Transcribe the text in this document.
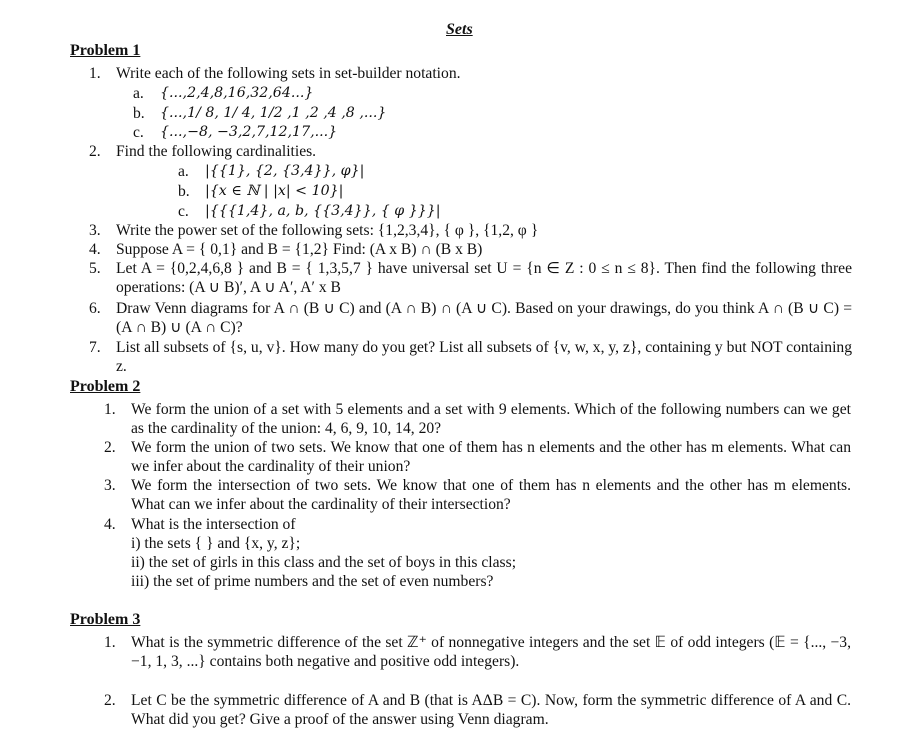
Sets
Problem 1
1. Write each of the following sets in set-builder notation.
a. {...,2,4,8,16,32,64...}
b. {...,1/ 8, 1/ 4, 1/2 ,1 ,2 ,4 ,8 ,...}
c. {...,−8, −3,2,7,12,17,...}
2. Find the following cardinalities.
a. |{{1}, {2, {3,4}}, φ}|
b. |{x ∈ ℕ | |x| < 10}|
c. |{{{1,4}, a, b, {{3,4}}, { φ }}}|
3. Write the power set of the following sets: {1,2,3,4}, { φ }, {1,2, φ }
4. Suppose A = { 0,1} and B = {1,2} Find: (A x B) ∩ (B x B)
5. Let A = {0,2,4,6,8 } and B = { 1,3,5,7 } have universal set U = {n ∈ Z : 0 ≤ n ≤ 8}. Then find the following three operations: (A ∪ B)′, A ∪ A′, A′ x B
6. Draw Venn diagrams for A ∩ (B ∪ C) and (A ∩ B) ∩ (A ∪ C). Based on your drawings, do you think A ∩ (B ∪ C) = (A ∩ B) ∪ (A ∩ C)?
7. List all subsets of {s, u, v}. How many do you get? List all subsets of {v, w, x, y, z}, containing y but NOT containing z.
Problem 2
1. We form the union of a set with 5 elements and a set with 9 elements. Which of the following numbers can we get as the cardinality of the union: 4, 6, 9, 10, 14, 20?
2. We form the union of two sets. We know that one of them has n elements and the other has m elements. What can we infer about the cardinality of their union?
3. We form the intersection of two sets. We know that one of them has n elements and the other has m elements. What can we infer about the cardinality of their intersection?
4. What is the intersection of
i) the sets { } and {x, y, z};
ii) the set of girls in this class and the set of boys in this class;
iii) the set of prime numbers and the set of even numbers?
Problem 3
1. What is the symmetric difference of the set ℤ⁺ of nonnegative integers and the set 𝔼 of odd integers (𝔼 = {..., −3, −1, 1, 3, ...} contains both negative and positive odd integers).
2. Let C be the symmetric difference of A and B (that is AΔB = C). Now, form the symmetric difference of A and C. What did you get? Give a proof of the answer using Venn diagram.
